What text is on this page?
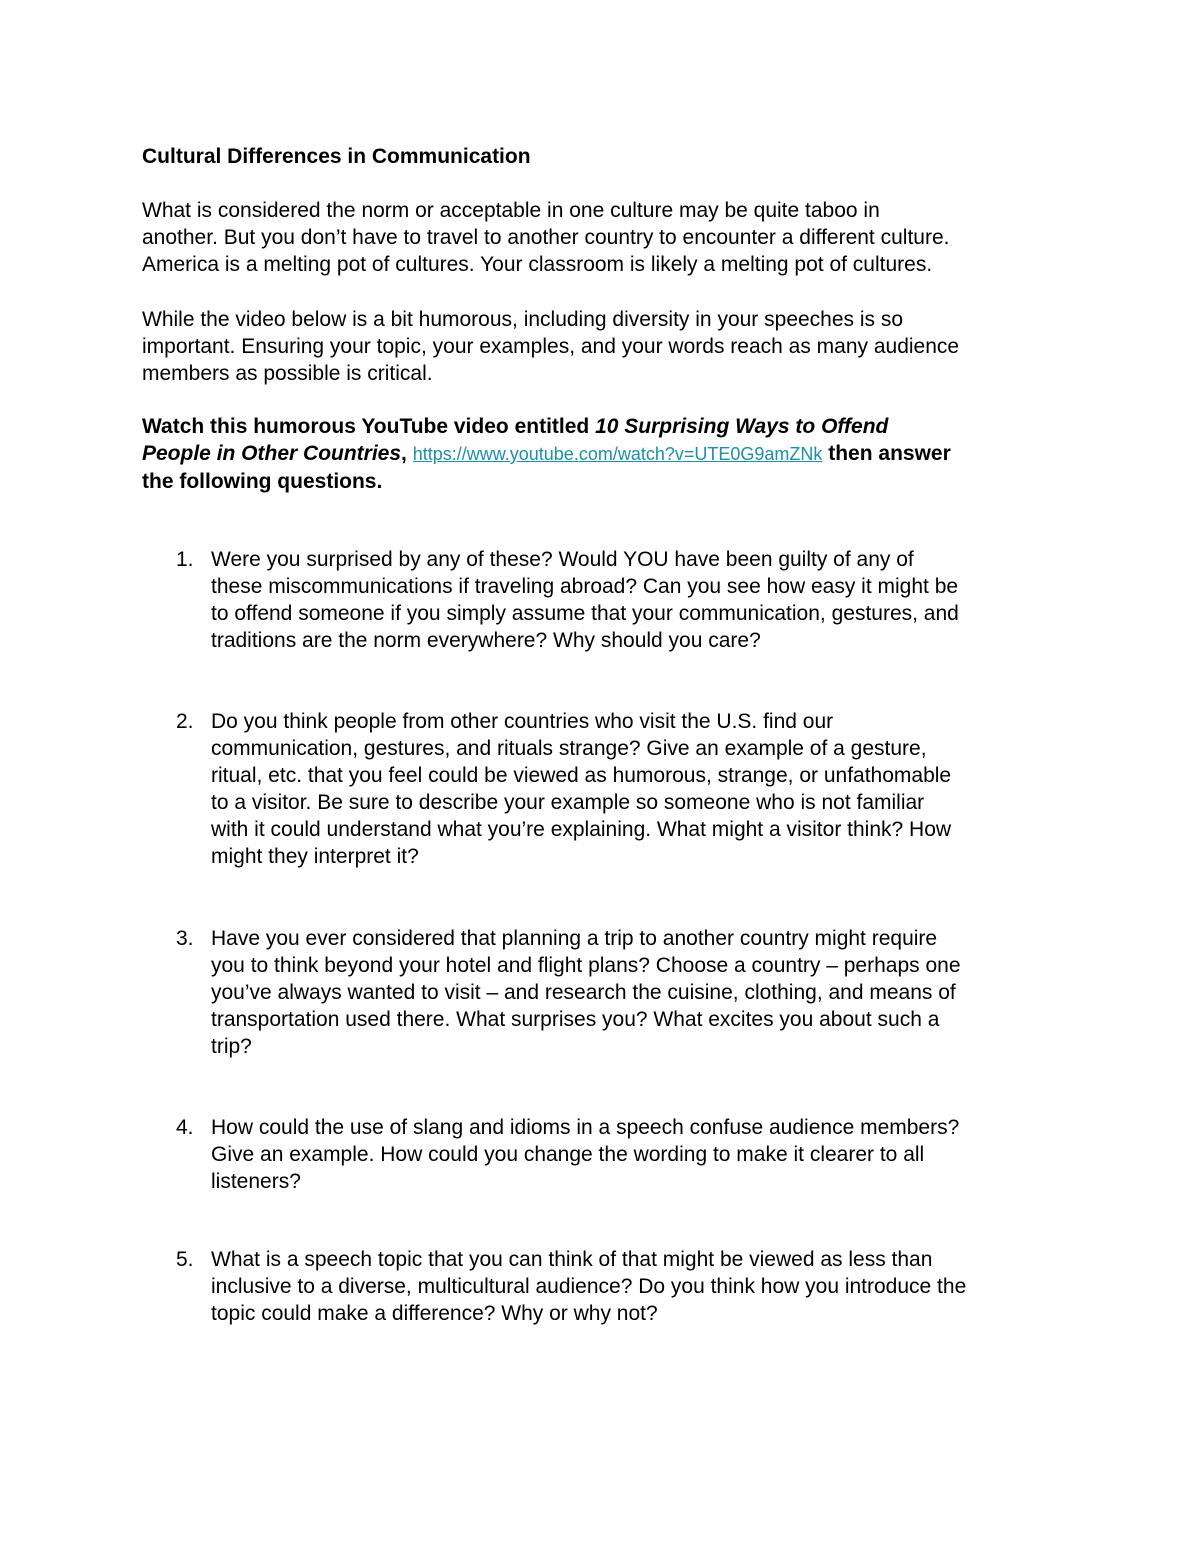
Cultural Differences in Communication
What is considered the norm or acceptable in one culture may be quite taboo in
another. But you don’t have to travel to another country to encounter a different culture.
America is a melting pot of cultures. Your classroom is likely a melting pot of cultures.
While the video below is a bit humorous, including diversity in your speeches is so
important. Ensuring your topic, your examples, and your words reach as many audience
members as possible is critical.
Watch this humorous YouTube video entitled 10 Surprising Ways to Offend
People in Other Countries, https://www.youtube.com/watch?v=UTE0G9amZNk then answer
the following questions.
1. Were you surprised by any of these? Would YOU have been guilty of any of
these miscommunications if traveling abroad? Can you see how easy it might be
to offend someone if you simply assume that your communication, gestures, and
traditions are the norm everywhere? Why should you care?
2. Do you think people from other countries who visit the U.S. find our
communication, gestures, and rituals strange? Give an example of a gesture,
ritual, etc. that you feel could be viewed as humorous, strange, or unfathomable
to a visitor. Be sure to describe your example so someone who is not familiar
with it could understand what you’re explaining. What might a visitor think? How
might they interpret it?
3. Have you ever considered that planning a trip to another country might require
you to think beyond your hotel and flight plans? Choose a country – perhaps one
you’ve always wanted to visit – and research the cuisine, clothing, and means of
transportation used there. What surprises you? What excites you about such a
trip?
4. How could the use of slang and idioms in a speech confuse audience members?
Give an example. How could you change the wording to make it clearer to all
listeners?
5. What is a speech topic that you can think of that might be viewed as less than
inclusive to a diverse, multicultural audience? Do you think how you introduce the
topic could make a difference? Why or why not?
